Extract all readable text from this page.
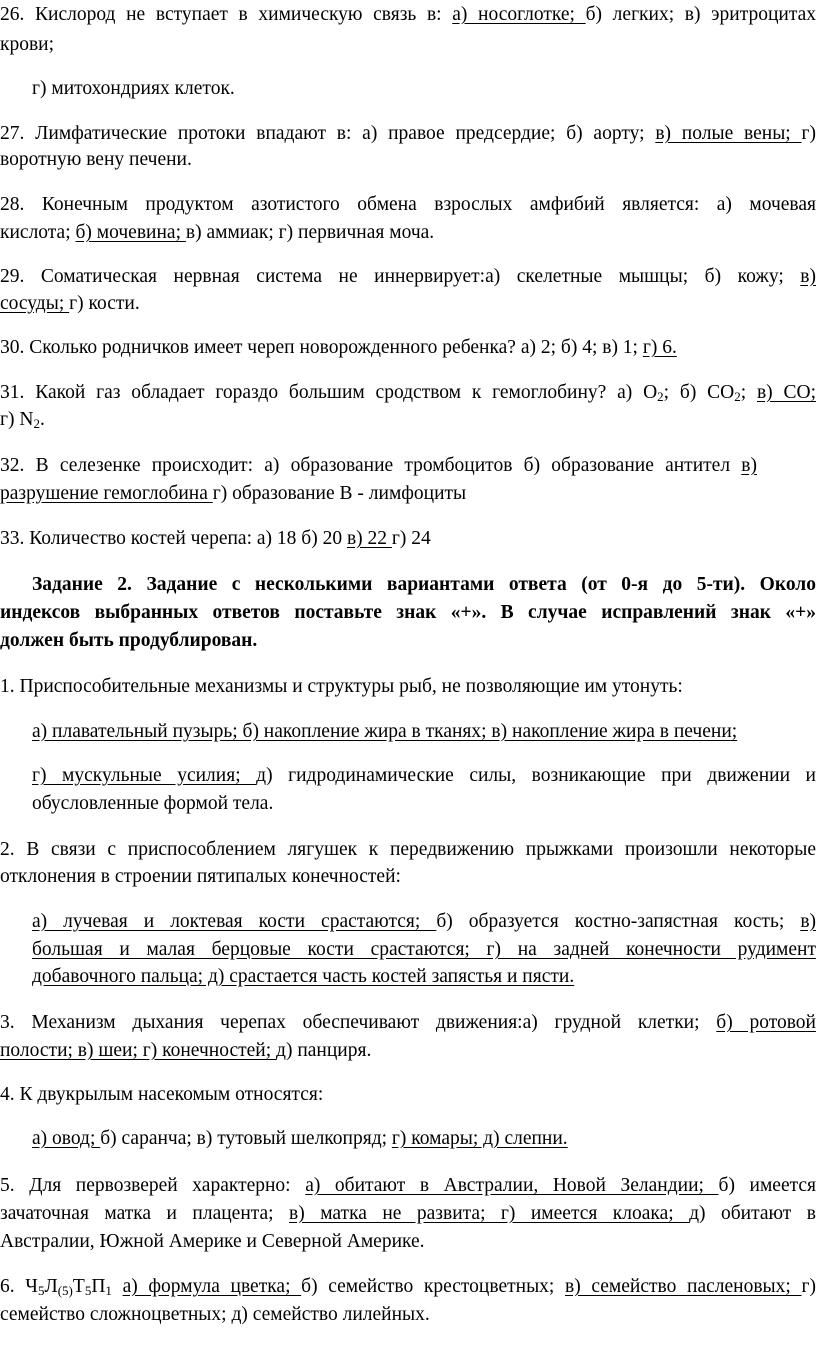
26. Кислород не вступает в химическую связь в: а) носоглотке; б) легких; в) эритроцитах
крови;
г) митохондриях клеток.
27. Лимфатические протоки впадают в: а) правое предсердие; б) аорту; в) полые вены; г)
воротную вену печени.
28. Конечным продуктом азотистого обмена взрослых амфибий является: а) мочевая
кислота; б) мочевина; в) аммиак; г) первичная моча.
29. Соматическая нервная система не иннервирует:а) скелетные мышцы; б) кожу; в)
сосуды; г) кости.
30. Сколько родничков имеет череп новорожденного ребенка? а) 2; б) 4; в) 1; г) 6.
31. Какой газ обладает гораздо большим сродством к гемоглобину? а) $О_2$; б) $СО_2$; в) СО;
г) $N_2$.
32. В селезенке происходит: а) образование тромбоцитов б) образование антител в)
разрушение гемоглобина г) образование В - лимфоциты
33. Количество костей черепа: а) 18 б) 20 в) 22 г) 24
Задание 2. Задание с несколькими вариантами ответа (от 0-я до 5-ти). Около
индексов выбранных ответов поставьте знак «+». В случае исправлений знак «+»
должен быть продублирован.
1. Приспособительные механизмы и структуры рыб, не позволяющие им утонуть:
а) плавательный пузырь; б) накопление жира в тканях; в) накопление жира в печени;
г) мускульные усилия; д) гидродинамические силы, возникающие при движении и
обусловленные формой тела.
2. В связи с приспособлением лягушек к передвижению прыжками произошли некоторые
отклонения в строении пятипалых конечностей:
а) лучевая и локтевая кости срастаются; б) образуется костно-запястная кость; в)
большая и малая берцовые кости срастаются; г) на задней конечности рудимент
добавочного пальца; д) срастается часть костей запястья и пясти.
3. Механизм дыхания черепах обеспечивают движения:а) грудной клетки; б) ротовой
полости; в) шеи; г) конечностей; д) панциря.
4. К двукрылым насекомым относятся:
а) овод; б) саранча; в) тутовый шелкопряд; г) комары; д) слепни.
5. Для первозверей характерно: а) обитают в Австралии, Новой Зеландии; б) имеется
зачаточная матка и плацента; в) матка не развита; г) имеется клоака; д) обитают в
Австралии, Южной Америке и Северной Америке.
6. $Ч_5Л_{(5)}Т_5П_1$ а) формула цветка; б) семейство крестоцветных; в) семейство пасленовых; г)
семейство сложноцветных; д) семейство лилейных.
